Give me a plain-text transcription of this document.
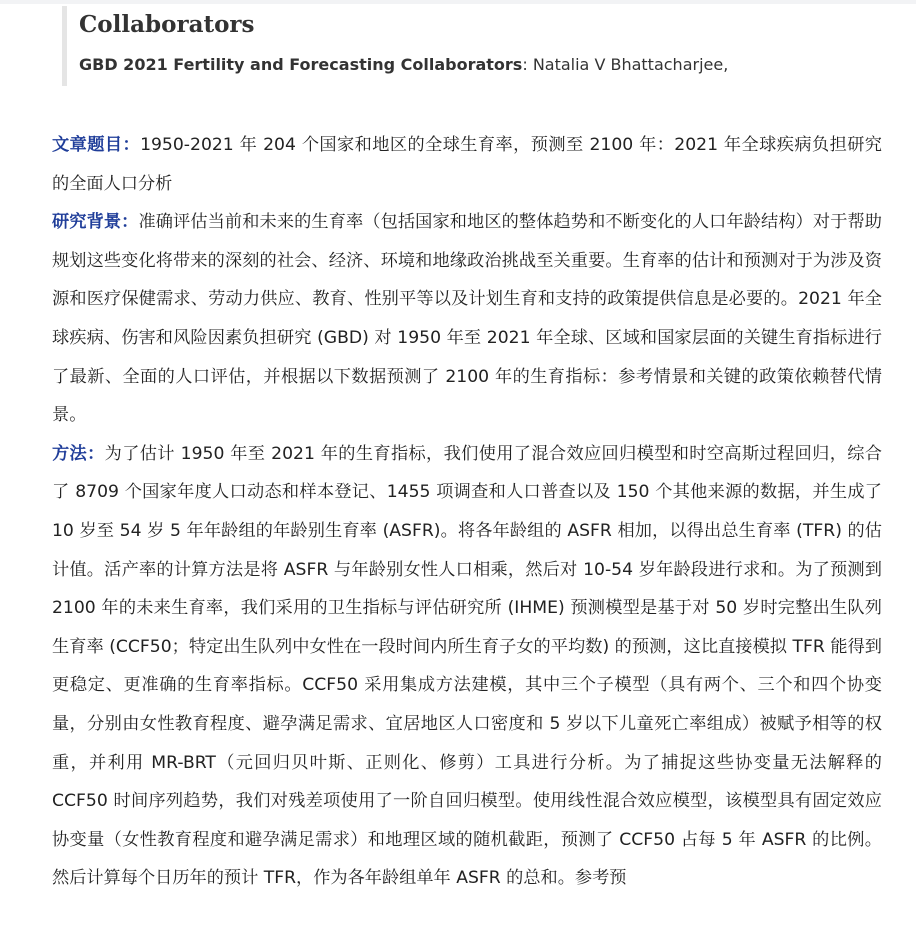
Collaborators
GBD 2021 Fertility and Forecasting Collaborators: Natalia V Bhattacharjee,

文章题目：1950-2021 年 204 个国家和地区的全球生育率，预测至 2100 年：2021 年全球疾病负担研究的全面人口分析

研究背景：准确评估当前和未来的生育率（包括国家和地区的整体趋势和不断变化的人口年龄结构）对于帮助规划这些变化将带来的深刻的社会、经济、环境和地缘政治挑战至关重要。生育率的估计和预测对于为涉及资源和医疗保健需求、劳动力供应、教育、性别平等以及计划生育和支持的政策提供信息是必要的。2021 年全球疾病、伤害和风险因素负担研究 (GBD) 对 1950 年至 2021 年全球、区域和国家层面的关键生育指标进行了最新、全面的人口评估，并根据以下数据预测了 2100 年的生育指标：参考情景和关键的政策依赖替代情景。

方法：为了估计 1950 年至 2021 年的生育指标，我们使用了混合效应回归模型和时空高斯过程回归，综合了 8709 个国家年度人口动态和样本登记、1455 项调查和人口普查以及 150 个其他来源的数据，并生成了 10 岁至 54 岁 5 年年龄组的年龄别生育率 (ASFR)。将各年龄组的 ASFR 相加，以得出总生育率 (TFR) 的估计值。活产率的计算方法是将 ASFR 与年龄别女性人口相乘，然后对 10-54 岁年龄段进行求和。为了预测到 2100 年的未来生育率，我们采用的卫生指标与评估研究所 (IHME) 预测模型是基于对 50 岁时完整出生队列生育率 (CCF50；特定出生队列中女性在一段时间内所生育子女的平均数) 的预测，这比直接模拟 TFR 能得到更稳定、更准确的生育率指标。CCF50 采用集成方法建模，其中三个子模型（具有两个、三个和四个协变量，分别由女性教育程度、避孕满足需求、宜居地区人口密度和 5 岁以下儿童死亡率组成）被赋予相等的权重，并利用 MR-BRT（元回归贝叶斯、正则化、修剪）工具进行分析。为了捕捉这些协变量无法解释的 CCF50 时间序列趋势，我们对残差项使用了一阶自回归模型。使用线性混合效应模型，该模型具有固定效应协变量（女性教育程度和避孕满足需求）和地理区域的随机截距，预测了 CCF50 占每 5 年 ASFR 的比例。然后计算每个日历年的预计 TFR，作为各年龄组单年 ASFR 的总和。参考预
